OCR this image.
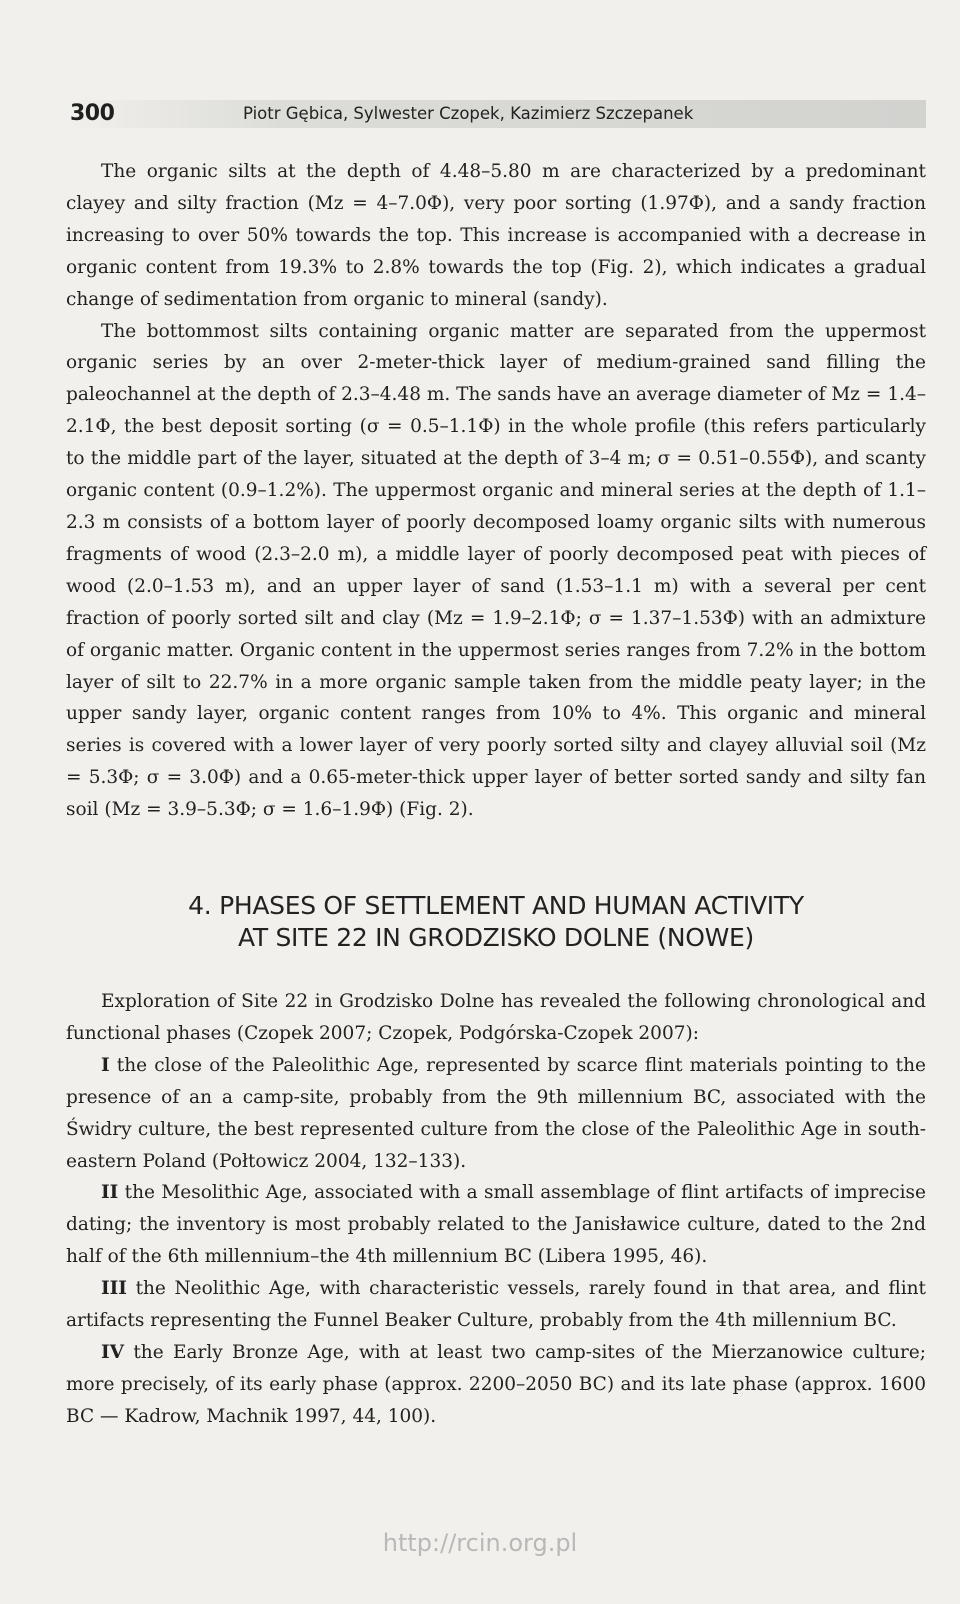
300	Piotr Gębica, Sylwester Czopek, Kazimierz Szczepanek

The organic silts at the depth of 4.48–5.80 m are characterized by a predominant clayey and silty fraction (Mz = 4–7.0Φ), very poor sorting (1.97Φ), and a sandy fraction increasing to over 50% towards the top. This increase is accompanied with a decrease in organic content from 19.3% to 2.8% towards the top (Fig. 2), which indicates a gradual change of sedimentation from organic to mineral (sandy).

The bottommost silts containing organic matter are separated from the uppermost organic series by an over 2-meter-thick layer of medium-grained sand filling the paleochannel at the depth of 2.3–4.48 m. The sands have an average diameter of Mz = 1.4–2.1Φ, the best deposit sorting (σ = 0.5–1.1Φ) in the whole profile (this refers particularly to the middle part of the layer, situated at the depth of 3–4 m; σ = 0.51–0.55Φ), and scanty organic content (0.9–1.2%). The uppermost organic and mineral series at the depth of 1.1–2.3 m consists of a bottom layer of poorly decomposed loamy organic silts with numerous fragments of wood (2.3–2.0 m), a middle layer of poorly decomposed peat with pieces of wood (2.0–1.53 m), and an upper layer of sand (1.53–1.1 m) with a several per cent fraction of poorly sorted silt and clay (Mz = 1.9–2.1Φ; σ = 1.37–1.53Φ) with an admixture of organic matter. Organic content in the uppermost series ranges from 7.2% in the bottom layer of silt to 22.7% in a more organic sample taken from the middle peaty layer; in the upper sandy layer, organic content ranges from 10% to 4%. This organic and mineral series is covered with a lower layer of very poorly sorted silty and clayey alluvial soil (Mz = 5.3Φ; σ = 3.0Φ) and a 0.65-meter-thick upper layer of better sorted sandy and silty fan soil (Mz = 3.9–5.3Φ; σ = 1.6–1.9Φ) (Fig. 2).

4. PHASES OF SETTLEMENT AND HUMAN ACTIVITY
AT SITE 22 IN GRODZISKO DOLNE (NOWE)

Exploration of Site 22 in Grodzisko Dolne has revealed the following chronological and functional phases (Czopek 2007; Czopek, Podgórska-Czopek 2007):

I the close of the Paleolithic Age, represented by scarce flint materials pointing to the presence of an a camp-site, probably from the 9th millennium BC, associated with the Świdry culture, the best represented culture from the close of the Paleolithic Age in south-eastern Poland (Połtowicz 2004, 132–133).

II the Mesolithic Age, associated with a small assemblage of flint artifacts of imprecise dating; the inventory is most probably related to the Janisławice culture, dated to the 2nd half of the 6th millennium–the 4th millennium BC (Libera 1995, 46).

III the Neolithic Age, with characteristic vessels, rarely found in that area, and flint artifacts representing the Funnel Beaker Culture, probably from the 4th millennium BC.

IV the Early Bronze Age, with at least two camp-sites of the Mierzanowice culture; more precisely, of its early phase (approx. 2200–2050 BC) and its late phase (approx. 1600 BC — Kadrow, Machnik 1997, 44, 100).

http://rcin.org.pl
